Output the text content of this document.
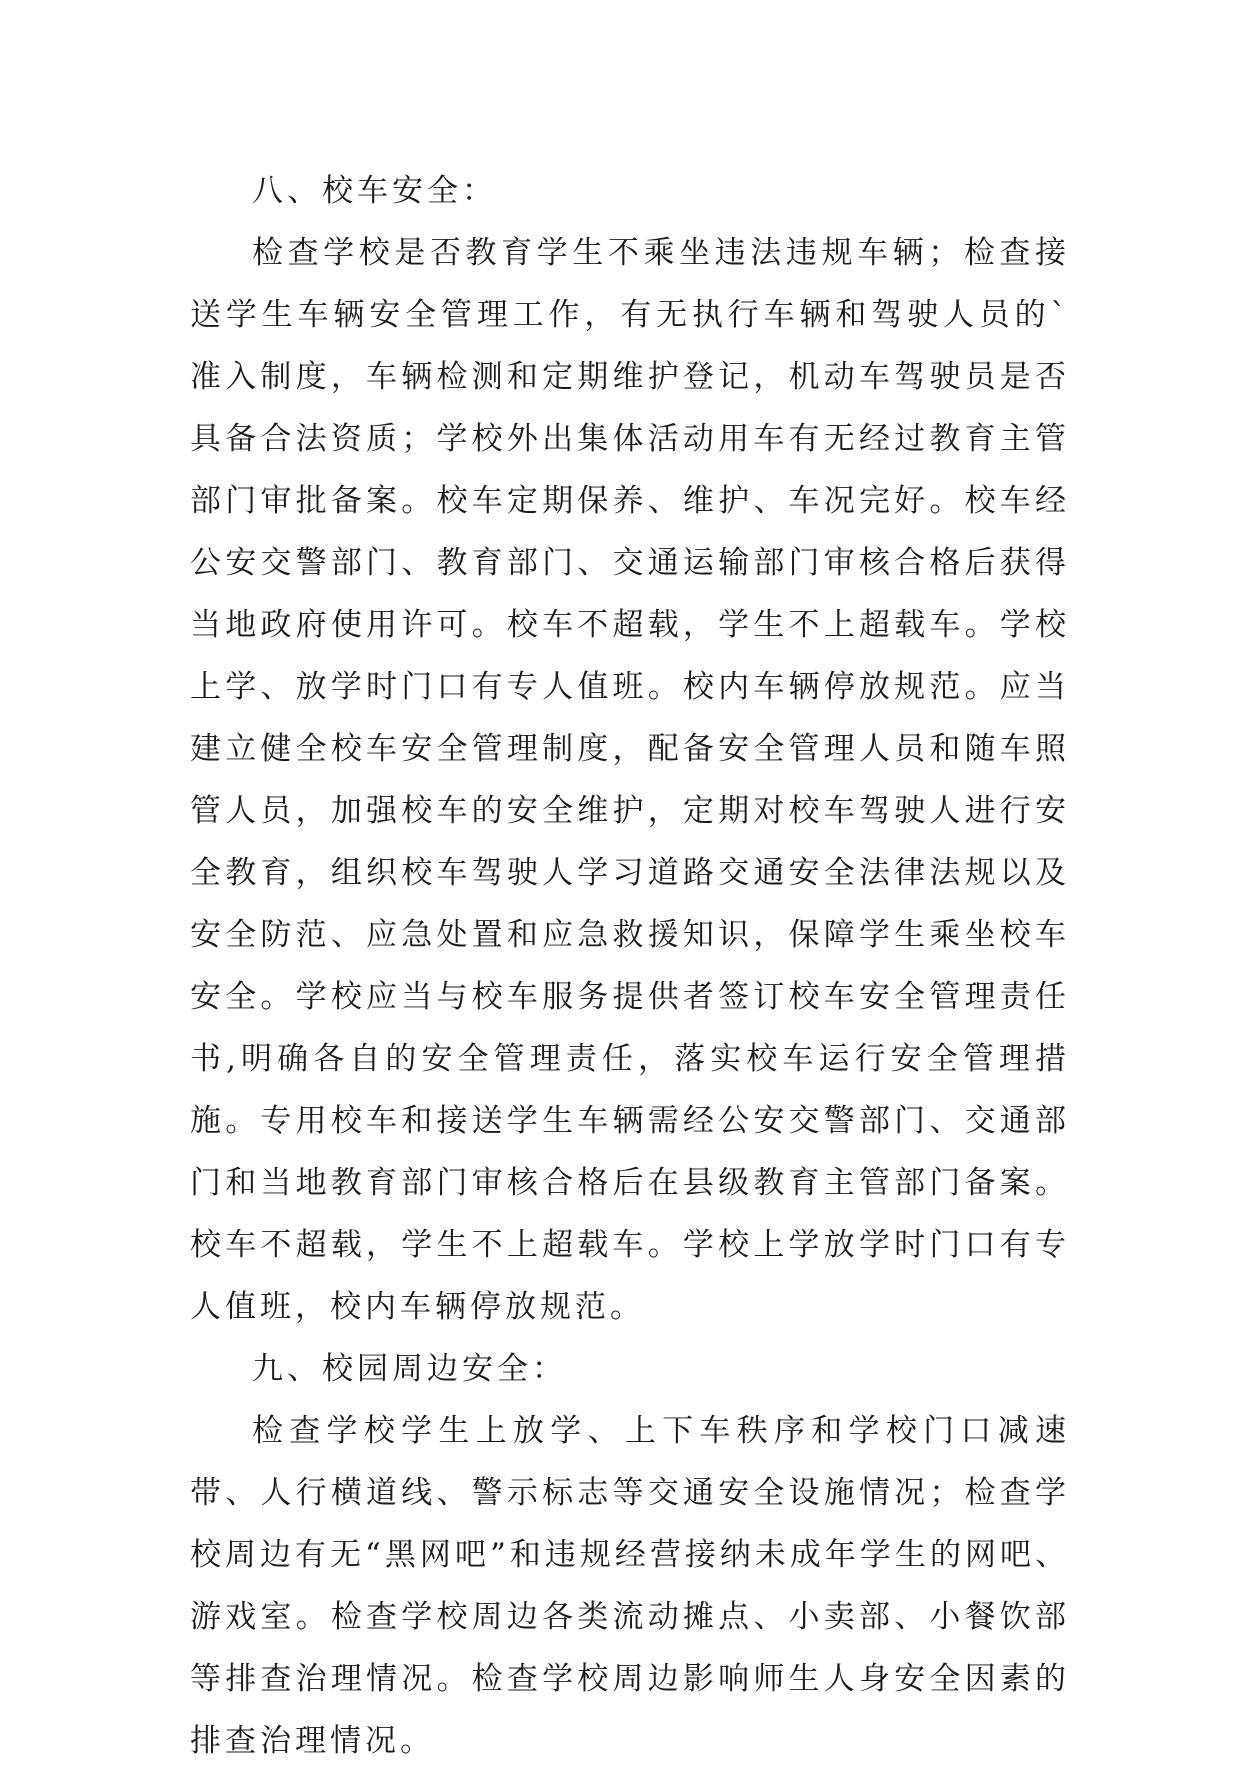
八、校车安全：

检查学校是否教育学生不乘坐违法违规车辆；检查接送学生车辆安全管理工作，有无执行车辆和驾驶人员的`准入制度，车辆检测和定期维护登记，机动车驾驶员是否具备合法资质；学校外出集体活动用车有无经过教育主管部门审批备案。校车定期保养、维护、车况完好。校车经公安交警部门、教育部门、交通运输部门审核合格后获得当地政府使用许可。校车不超载，学生不上超载车。学校上学、放学时门口有专人值班。校内车辆停放规范。应当建立健全校车安全管理制度，配备安全管理人员和随车照管人员，加强校车的安全维护，定期对校车驾驶人进行安全教育，组织校车驾驶人学习道路交通安全法律法规以及安全防范、应急处置和应急救援知识，保障学生乘坐校车安全。学校应当与校车服务提供者签订校车安全管理责任书,明确各自的安全管理责任，落实校车运行安全管理措施。专用校车和接送学生车辆需经公安交警部门、交通部门和当地教育部门审核合格后在县级教育主管部门备案。校车不超载，学生不上超载车。学校上学放学时门口有专人值班，校内车辆停放规范。

九、校园周边安全：

检查学校学生上放学、上下车秩序和学校门口减速带、人行横道线、警示标志等交通安全设施情况；检查学校周边有无“黑网吧”和违规经营接纳未成年学生的网吧、游戏室。检查学校周边各类流动摊点、小卖部、小餐饮部等排查治理情况。检查学校周边影响师生人身安全因素的排查治理情况。
